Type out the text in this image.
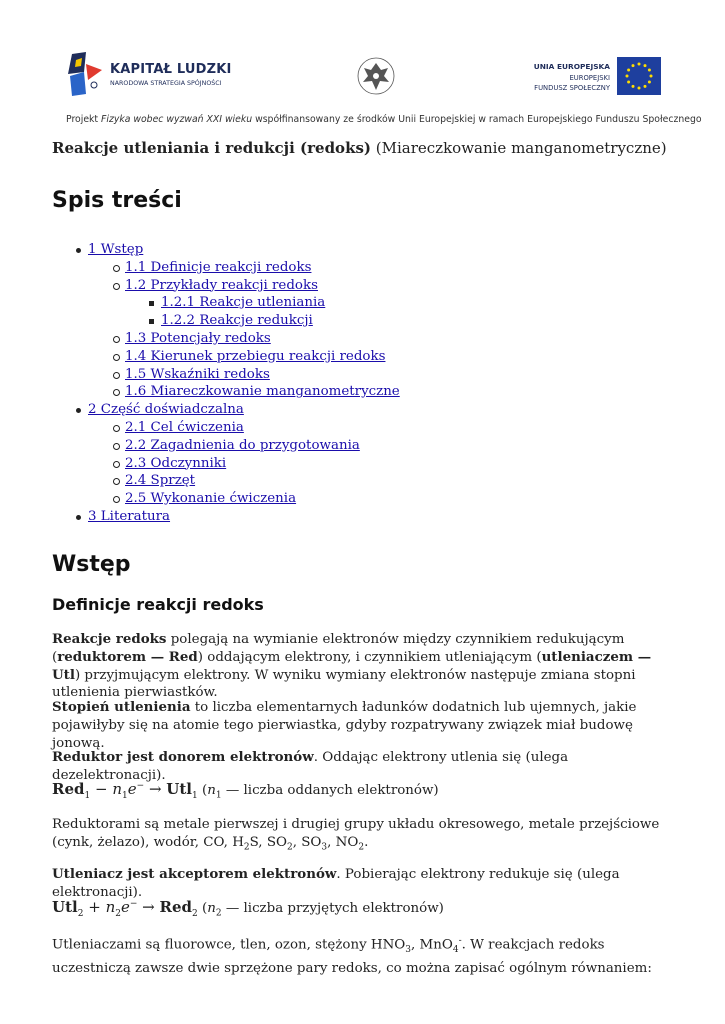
KAPITAŁ LUDZKI
NARODOWA STRATEGIA SPÓJNOŚCI
UNIA EUROPEJSKA
EUROPEJSKI
FUNDUSZ SPOŁECZNY
Projekt Fizyka wobec wyzwań XXI wieku współfinansowany ze środków Unii Europejskiej w ramach Europejskiego Funduszu Społecznego
Reakcje utleniania i redukcji (redoks) (Miareczkowanie manganometryczne)
Spis treści
1 Wstęp
1.1 Definicje reakcji redoks
1.2 Przykłady reakcji redoks
1.2.1 Reakcje utleniania
1.2.2 Reakcje redukcji
1.3 Potencjały redoks
1.4 Kierunek przebiegu reakcji redoks
1.5 Wskaźniki redoks
1.6 Miareczkowanie manganometryczne
2 Część doświadczalna
2.1 Cel ćwiczenia
2.2 Zagadnienia do przygotowania
2.3 Odczynniki
2.4 Sprzęt
2.5 Wykonanie ćwiczenia
3 Literatura
Wstęp
Definicje reakcji redoks

Reakcje redoks polegają na wymianie elektronów między czynnikiem redukującym (reduktorem — Red) oddającym elektrony, i czynnikiem utleniającym (utleniaczem — Utl) przyjmującym elektrony. W wyniku wymiany elektronów następuje zmiana stopni utlenienia pierwiastków.

Stopień utlenienia to liczba elementarnych ładunków dodatnich lub ujemnych, jakie pojawiłyby się na atomie tego pierwiastka, gdyby rozpatrywany związek miał budowę jonową.

Reduktor jest donorem elektronów. Oddając elektrony utlenia się (ulega dezelektronacji).

$Red_1 - n_1e^- \to Utl_1$ ($n_1$ — liczba oddanych elektronów)

Reduktorami są metale pierwszej i drugiej grupy układu okresowego, metale przejściowe (cynk, żelazo), wodór, CO, $H_2S$, $SO_2$, $SO_3$, $NO_2$.

Utleniacz jest akceptorem elektronów. Pobierając elektrony redukuje się (ulega elektronacji).

$Utl_2 + n_2e^- \to Red_2$ ($n_2$ — liczba przyjętych elektronów)

Utleniaczami są fluorowce, tlen, ozon, stężony $HNO_3$, MnO$_4$-. W reakcjach redoks uczestniczą zawsze dwie sprzężone pary redoks, co można zapisać ogólnym równaniem:
